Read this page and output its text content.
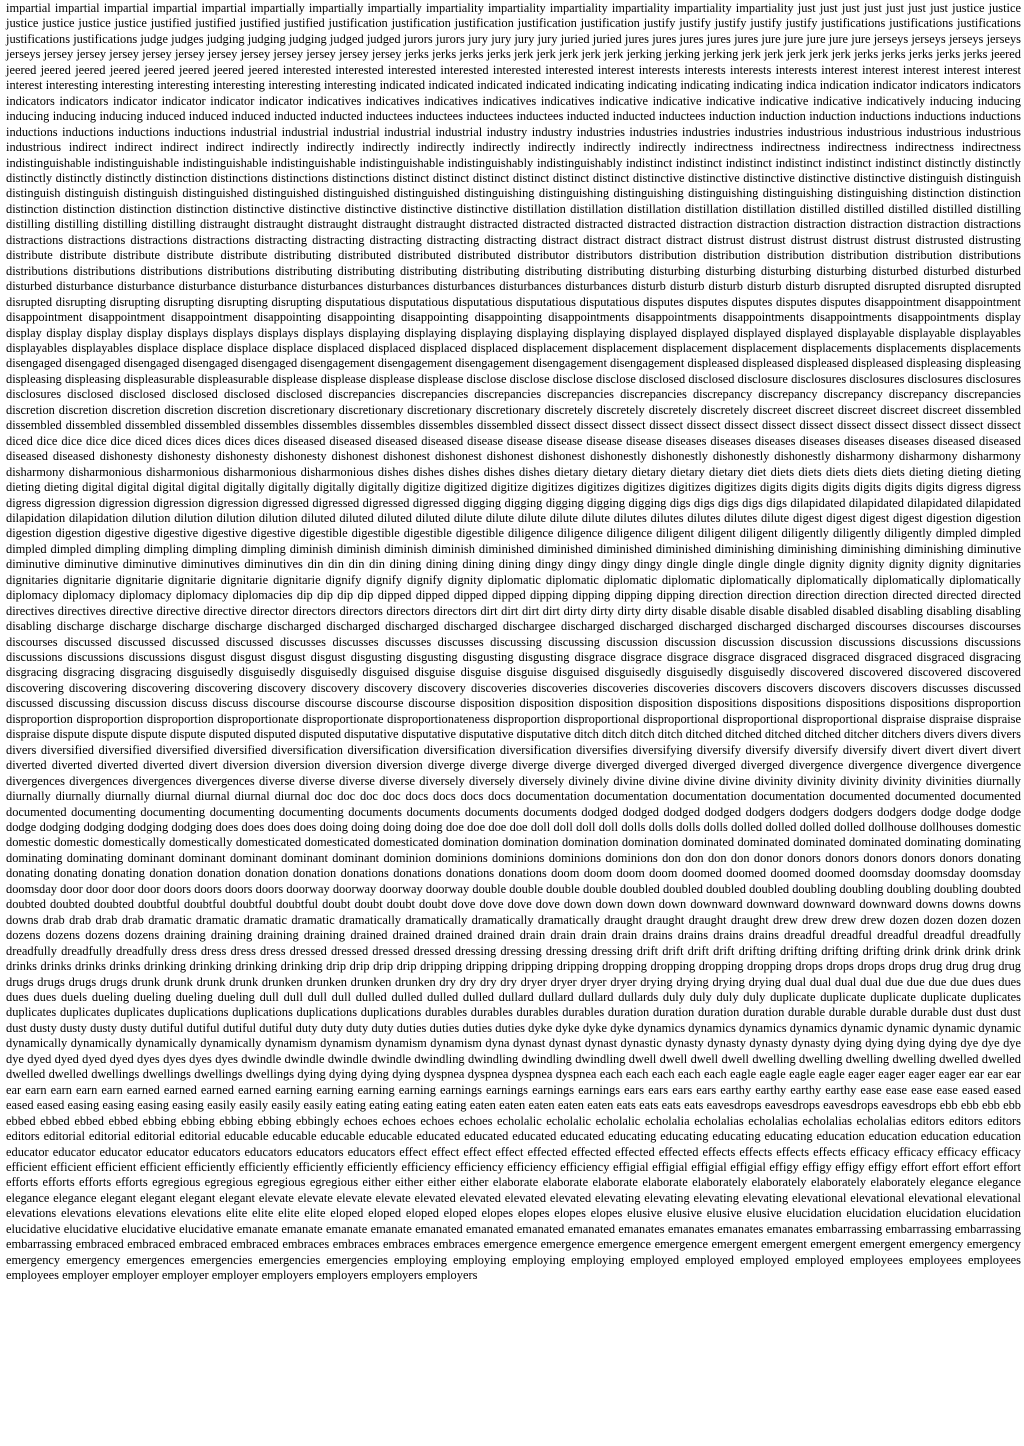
impartial impartial impartial impartial impartial impartially impartially impartially impartiality impartiality impartiality impartiality impartiality impartiality just just just just just just just justice justice justice justice justice justice justified justified justified justified justification justification justification justification justification justify justify justify justify justify justifications justifications justifications justifications justifications judge judges judging judging judging judged judged jurors jurors jury jury jury jury juried juried jures jures jures jures jures jure jure jure jure jure jerseys jerseys jerseys jerseys jerseys jersey jersey jersey jersey jersey jersey jersey jersey jersey jersey jersey jerks jerks jerks jerks jerk jerk jerk jerk jerk jerking jerking jerking jerk jerk jerk jerk jerk jerks jerks jerks jerks jerks jeered jeered jeered jeered jeered jeered jeered jeered jeered interested interested interested interested interested interested interest interests interests interests interests interest interest interest interest interest interest interesting interesting interesting interesting interesting interesting indicated indicated indicated indicated indicating indicating indicating indicating indica indication indicator indicators indicators indicators indicators indicator indicator indicator indicator indicatives indicatives indicatives indicatives indicatives indicative indicative indicative indicative indicative indicatively inducing inducing inducing inducing inducing induced induced induced inducted inducted inductees inductees inductees inductees inducted inducted inductees induction induction induction inductions inductions inductions inductions inductions inductions inductions industrial industrial industrial industrial industrial industry industry industries industries industries industries industrious industrious industrious industrious industrious indirect indirect indirect indirect indirectly indirectly indirectly indirectly indirectly indirectly indirectly indirectly indirectness indirectness indirectness indirectness indirectness indistinguishable indistinguishable indistinguishable indistinguishable indistinguishable indistinguishably indistinguishably indistinct indistinct indistinct indistinct indistinct indistinct distinctly distinctly distinctly distinctly distinctly distinction distinctions distinctions distinctions distinct distinct distinct distinct distinct distinct distinctive distinctive distinctive distinctive distinctive distinguish distinguish distinguish distinguish distinguish distinguished distinguished distinguished distinguished distinguishing distinguishing distinguishing distinguishing distinguishing distinguishing distinction distinction distinction distinction distinction distinction distinctive distinctive distinctive distinctive distinctive distillation distillation distillation distillation distillation distilled distilled distilled distilled distilling distilling distilling distilling distilling distraught distraught distraught distraught distraught distracted distracted distracted distracted distraction distraction distraction distraction distraction distractions distractions distractions distractions distractions distracting distracting distracting distracting distracting distract distract distract distract distrust distrust distrust distrust distrust distrusted distrusting distribute distribute distribute distribute distribute distributing distributed distributed distributed distributor distributors distribution distribution distribution distribution distribution distributions distributions distributions distributions distributions distributing distributing distributing distributing distributing distributing disturbing disturbing disturbing disturbing disturbed disturbed disturbed disturbed disturbance disturbance disturbance disturbance disturbances disturbances disturbances disturbances disturbances disturb disturb disturb disturb disturb disrupted disrupted disrupted disrupted disrupted disrupting disrupting disrupting disrupting disrupting disputatious disputatious disputatious disputatious disputatious disputes disputes disputes disputes disputes disappointment disappointment disappointment disappointment disappointment disappointing disappointing disappointing disappointing disappointments disappointments disappointments disappointments disappointments display display display display display displays displays displays displays displaying displaying displaying displaying displaying displayed displayed displayed displayed displayable displayable displayables displayables displayables displace displace displace displace displaced displaced displaced displaced displacement displacement displacement displacement displacements displacements displacements disengaged disengaged disengaged disengaged disengaged disengagement disengagement disengagement disengagement disengagement displeased displeased displeased displeased displeasing displeasing displeasing displeasing displeasurable displeasurable displease displease displease displease disclose disclose disclose disclose disclosed disclosed disclosure disclosures disclosures disclosures disclosures disclosures disclosed disclosed disclosed disclosed disclosed discrepancies discrepancies discrepancies discrepancies discrepancies discrepancy discrepancy discrepancy discrepancy discrepancies discretion discretion discretion discretion discretion discretionary discretionary discretionary discretionary discretely discretely discretely discretely discreet discreet discreet discreet discreet dissembled dissembled dissembled dissembled dissembled dissembles dissembles dissembles dissembles dissembled dissect dissect dissect dissect dissect dissect dissect dissect dissect dissect dissect dissect dissect diced dice dice dice dice diced dices dices dices dices diseased diseased diseased diseased disease disease disease disease disease diseases diseases diseases diseases diseases diseases diseased diseased diseased diseased dishonesty dishonesty dishonesty dishonesty dishonest dishonest dishonest dishonest dishonest dishonestly dishonestly dishonestly dishonestly disharmony disharmony disharmony disharmony disharmonious disharmonious disharmonious disharmonious dishes dishes dishes dishes dishes dietary dietary dietary dietary dietary diet diets diets diets diets diets dieting dieting dieting dieting dieting digital digital digital digital digitally digitally digitally digitally digitize digitized digitize digitizes digitizes digitizes digitizes digitizes digits digits digits digits digits digits digress digress digress digression digression digression digression digressed digressed digressed digressed digging digging digging digging digging digs digs digs digs digs dilapidated dilapidated dilapidated dilapidated dilapidation dilapidation dilution dilution dilution dilution diluted diluted diluted diluted dilute dilute dilute dilute dilute dilutes dilutes dilutes dilutes dilute digest digest digest digest digestion digestion digestion digestion digestive digestive digestive digestive digestible digestible digestible digestible diligence diligence diligence diligent diligent diligent diligently diligently diligently dimpled dimpled dimpled dimpled dimpling dimpling dimpling dimpling diminish diminish diminish diminish diminished diminished diminished diminished diminishing diminishing diminishing diminishing diminutive diminutive diminutive diminutive diminutives diminutives din din din din dining dining dining dining dingy dingy dingy dingy dingle dingle dingle dingle dignity dignity dignity dignity dignitaries dignitaries dignitarie dignitarie dignitarie dignitarie dignitarie dignify dignify dignify dignity diplomatic diplomatic diplomatic diplomatic diplomatically diplomatically diplomatically diplomatically diplomacy diplomacy diplomacy diplomacy diplomacies dip dip dip dip dipped dipped dipped dipped dipping dipping dipping dipping direction direction direction direction directed directed directed directives directives directive directive directive director directors directors directors directors dirt dirt dirt dirt dirty dirty dirty dirty disable disable disable disabled disabled disabling disabling disabling disabling discharge discharge discharge discharge discharged discharged discharged discharged dischargee discharged discharged discharged discharged discharged discourses discourses discourses discourses discussed discussed discussed discussed discusses discusses discusses discusses discussing discussing discussion discussion discussion discussion discussions discussions discussions discussions discussions discussions disgust disgust disgust disgust disgusting disgusting disgusting disgusting disgrace disgrace disgrace disgrace disgraced disgraced disgraced disgraced disgracing disgracing disgracing disgracing disguisedly disguisedly disguisedly disguised disguise disguise disguise disguised disguisedly disguisedly disguisedly discovered discovered discovered discovered discovering discovering discovering discovering discovery discovery discovery discovery discoveries discoveries discoveries discoveries discovers discovers discovers discovers discusses discussed discussed discussing discussion discuss discuss discourse discourse discourse discourse disposition disposition disposition disposition dispositions dispositions dispositions dispositions disproportion disproportion disproportion disproportion disproportionate disproportionate disproportionateness disproportion disproportional disproportional disproportional disproportional dispraise dispraise dispraise dispraise dispute dispute dispute dispute disputed disputed disputed disputative disputative disputative disputative ditch ditch ditch ditch ditched ditched ditched ditched ditcher ditchers divers divers divers divers diversified diversified diversified diversified diversification diversification diversification diversification diversifies diversifying diversify diversify diversify diversify divert divert divert divert diverted diverted diverted diverted divert diversion diversion diversion diversion diverge diverge diverge diverge diverged diverged diverged diverged divergence divergence divergence divergence divergences divergences divergences divergences diverse diverse diverse diverse diversely diversely diversely divinely divine divine divine divine divinity divinity divinity divinity divinities diurnally diurnally diurnally diurnally diurnal diurnal diurnal diurnal doc doc doc doc docs docs docs docs documentation documentation documentation documentation documented documented documented documented documenting documenting documenting documenting documents documents documents documents dodged dodged dodged dodged dodgers dodgers dodgers dodgers dodge dodge dodge dodge dodging dodging dodging dodging does does does does doing doing doing doing doe doe doe doe doll doll doll doll dolls dolls dolls dolls dolled dolled dolled dolled dollhouse dollhouses domestic domestic domestic domestically domestically domesticated domesticated domesticated domination domination domination domination dominated dominated dominated dominated dominating dominating dominating dominating dominant dominant dominant dominant dominant dominion dominions dominions dominions dominions don don don don donor donors donors donors donors donors donating donating donating donating donation donation donation donation donations donations donations donations doom doom doom doom doomed doomed doomed doomed doomsday doomsday doomsday doomsday door door door door doors doors doors doors doorway doorway doorway doorway double double double double doubled doubled doubled doubled doubling doubling doubling doubling doubted doubted doubted doubted doubtful doubtful doubtful doubtful doubt doubt doubt doubt dove dove dove dove down down down down downward downward downward downward downs downs downs downs drab drab drab drab dramatic dramatic dramatic dramatic dramatically dramatically dramatically dramatically draught draught draught draught drew drew drew drew dozen dozen dozen dozen dozens dozens dozens dozens draining draining draining draining drained drained drained drained drain drain drain drain drains drains drains drains dreadful dreadful dreadful dreadful dreadfully dreadfully dreadfully dreadfully dress dress dress dress dressed dressed dressed dressed dressing dressing dressing dressing drift drift drift drift drifting drifting drifting drifting drink drink drink drink drinks drinks drinks drinks drinking drinking drinking drinking drip drip drip drip dripping dripping dripping dripping dropping dropping dropping dropping drops drops drops drops drug drug drug drug drugs drugs drugs drugs drunk drunk drunk drunk drunken drunken drunken drunken dry dry dry dry dryer dryer dryer dryer drying drying drying drying dual dual dual dual due due due due dues dues dues dues duels dueling dueling dueling dueling dull dull dull dull dulled dulled dulled dulled dullard dullard dullard dullards duly duly duly duly duplicate duplicate duplicate duplicate duplicates duplicates duplicates duplicates duplications duplications duplications duplications durables durables durables durables duration duration duration duration durable durable durable durable dust dust dust dust dusty dusty dusty dusty dutiful dutiful dutiful dutiful duty duty duty duty duties duties duties duties dyke dyke dyke dyke dynamics dynamics dynamics dynamics dynamic dynamic dynamic dynamic dynamically dynamically dynamically dynamically dynamism dynamism dynamism dynamism dyna dynast dynast dynast dynastic dynasty dynasty dynasty dynasty dying dying dying dying dye dye dye dye dyed dyed dyed dyed dyes dyes dyes dyes dwindle dwindle dwindle dwindle dwindling dwindling dwindling dwindling dwell dwell dwell dwell dwelling dwelling dwelling dwelling dwelled dwelled dwelled dwelled dwellings dwellings dwellings dwellings dying dying dying dying dyspnea dyspnea dyspnea dyspnea each each each each each eagle eagle eagle eagle eager eager eager eager ear ear ear ear earn earn earn earn earned earned earned earned earning earning earning earning earnings earnings earnings earnings ears ears ears ears earthy earthy earthy earthy ease ease ease ease eased eased eased eased easing easing easing easing easily easily easily easily eating eating eating eating eaten eaten eaten eaten eaten eats eats eats eats eavesdrops eavesdrops eavesdrops eavesdrops ebb ebb ebb ebb ebbed ebbed ebbed ebbed ebbing ebbing ebbing ebbing ebbingly echoes echoes echoes echoes echolalic echolalic echolalic echolalia echolalias echolalias echolalias echolalias editors editors editors editors editorial editorial editorial editorial educable educable educable educable educated educated educated educated educating educating educating educating education education education education educator educator educator educator educators educators educators educators effect effect effect effect effected effected effected effected effects effects effects effects efficacy efficacy efficacy efficacy efficient efficient efficient efficient efficiently efficiently efficiently efficiently efficiency efficiency efficiency efficiency effigial effigial effigial effigial effigy effigy effigy effigy effort effort effort effort efforts efforts efforts efforts egregious egregious egregious egregious either either either either elaborate elaborate elaborate elaborate elaborately elaborately elaborately elaborately elegance elegance elegance elegance elegant elegant elegant elegant elevate elevate elevate elevate elevated elevated elevated elevated elevating elevating elevating elevating elevational elevational elevational elevational elevations elevations elevations elevations elite elite elite elite eloped eloped eloped eloped elopes elopes elopes elopes elusive elusive elusive elusive elucidation elucidation elucidation elucidation elucidative elucidative elucidative elucidative emanate emanate emanate emanate emanated emanated emanated emanated emanates emanates emanates emanates embarrassing embarrassing embarrassing embarrassing embraced embraced embraced embraced embraces embraces embraces embraces emergence emergence emergence emergence emergent emergent emergent emergent emergency emergency emergency emergency emergences emergencies emergencies emergencies employing employing employing employing employed employed employed employed employees employees employees employees employer employer employer employer employers employers employers employers
